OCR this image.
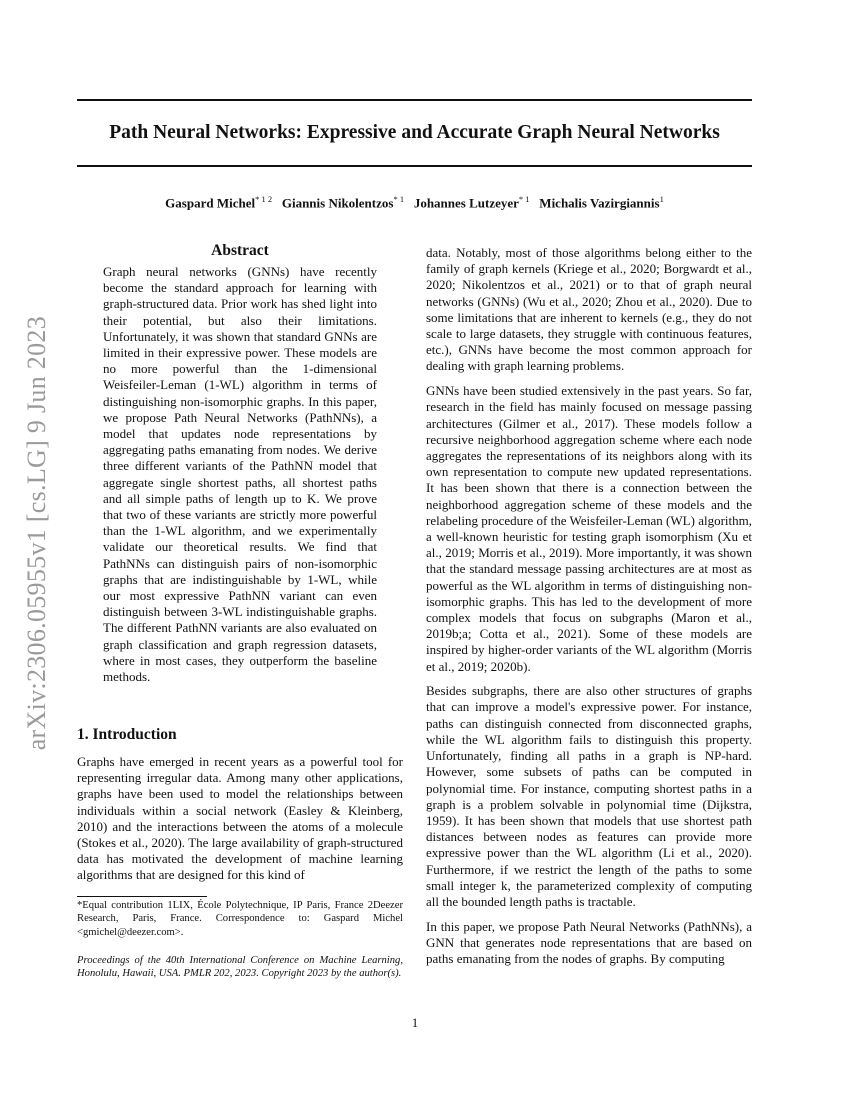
Path Neural Networks: Expressive and Accurate Graph Neural Networks
Gaspard Michel$^{* 1 2}$ Giannis Nikolentzos$^{* 1}$ Johannes Lutzeyer$^{* 1}$ Michalis Vazirgiannis$^1$
arXiv:2306.05955v1 [cs.LG] 9 Jun 2023
Abstract
Graph neural networks (GNNs) have recently become the standard approach for learning with graph-structured data. Prior work has shed light into their potential, but also their limitations. Unfortunately, it was shown that standard GNNs are limited in their expressive power. These models are no more powerful than the 1-dimensional Weisfeiler-Leman (1-WL) algorithm in terms of distinguishing non-isomorphic graphs. In this paper, we propose Path Neural Networks (PathNNs), a model that updates node representations by aggregating paths emanating from nodes. We derive three different variants of the PathNN model that aggregate single shortest paths, all shortest paths and all simple paths of length up to K. We prove that two of these variants are strictly more powerful than the 1-WL algorithm, and we experimentally validate our theoretical results. We find that PathNNs can distinguish pairs of non-isomorphic graphs that are indistinguishable by 1-WL, while our most expressive PathNN variant can even distinguish between 3-WL indistinguishable graphs. The different PathNN variants are also evaluated on graph classification and graph regression datasets, where in most cases, they outperform the baseline methods.
1. Introduction
Graphs have emerged in recent years as a powerful tool for representing irregular data. Among many other applications, graphs have been used to model the relationships between individuals within a social network (Easley & Kleinberg, 2010) and the interactions between the atoms of a molecule (Stokes et al., 2020). The large availability of graph-structured data has motivated the development of machine learning algorithms that are designed for this kind of
*Equal contribution 1LIX, École Polytechnique, IP Paris, France 2Deezer Research, Paris, France. Correspondence to: Gaspard Michel <gmichel@deezer.com>.
Proceedings of the 40th International Conference on Machine Learning, Honolulu, Hawaii, USA. PMLR 202, 2023. Copyright 2023 by the author(s).

data. Notably, most of those algorithms belong either to the family of graph kernels (Kriege et al., 2020; Borgwardt et al., 2020; Nikolentzos et al., 2021) or to that of graph neural networks (GNNs) (Wu et al., 2020; Zhou et al., 2020). Due to some limitations that are inherent to kernels (e.g., they do not scale to large datasets, they struggle with continuous features, etc.), GNNs have become the most common approach for dealing with graph learning problems.

GNNs have been studied extensively in the past years. So far, research in the field has mainly focused on message passing architectures (Gilmer et al., 2017). These models follow a recursive neighborhood aggregation scheme where each node aggregates the representations of its neighbors along with its own representation to compute new updated representations. It has been shown that there is a connection between the neighborhood aggregation scheme of these models and the relabeling procedure of the Weisfeiler-Leman (WL) algorithm, a well-known heuristic for testing graph isomorphism (Xu et al., 2019; Morris et al., 2019). More importantly, it was shown that the standard message passing architectures are at most as powerful as the WL algorithm in terms of distinguishing non-isomorphic graphs. This has led to the development of more complex models that focus on subgraphs (Maron et al., 2019b;a; Cotta et al., 2021). Some of these models are inspired by higher-order variants of the WL algorithm (Morris et al., 2019; 2020b).

Besides subgraphs, there are also other structures of graphs that can improve a model's expressive power. For instance, paths can distinguish connected from disconnected graphs, while the WL algorithm fails to distinguish this property. Unfortunately, finding all paths in a graph is NP-hard. However, some subsets of paths can be computed in polynomial time. For instance, computing shortest paths in a graph is a problem solvable in polynomial time (Dijkstra, 1959). It has been shown that models that use shortest path distances between nodes as features can provide more expressive power than the WL algorithm (Li et al., 2020). Furthermore, if we restrict the length of the paths to some small integer k, the parameterized complexity of computing all the bounded length paths is tractable.

In this paper, we propose Path Neural Networks (PathNNs), a GNN that generates node representations that are based on paths emanating from the nodes of graphs. By computing

1
